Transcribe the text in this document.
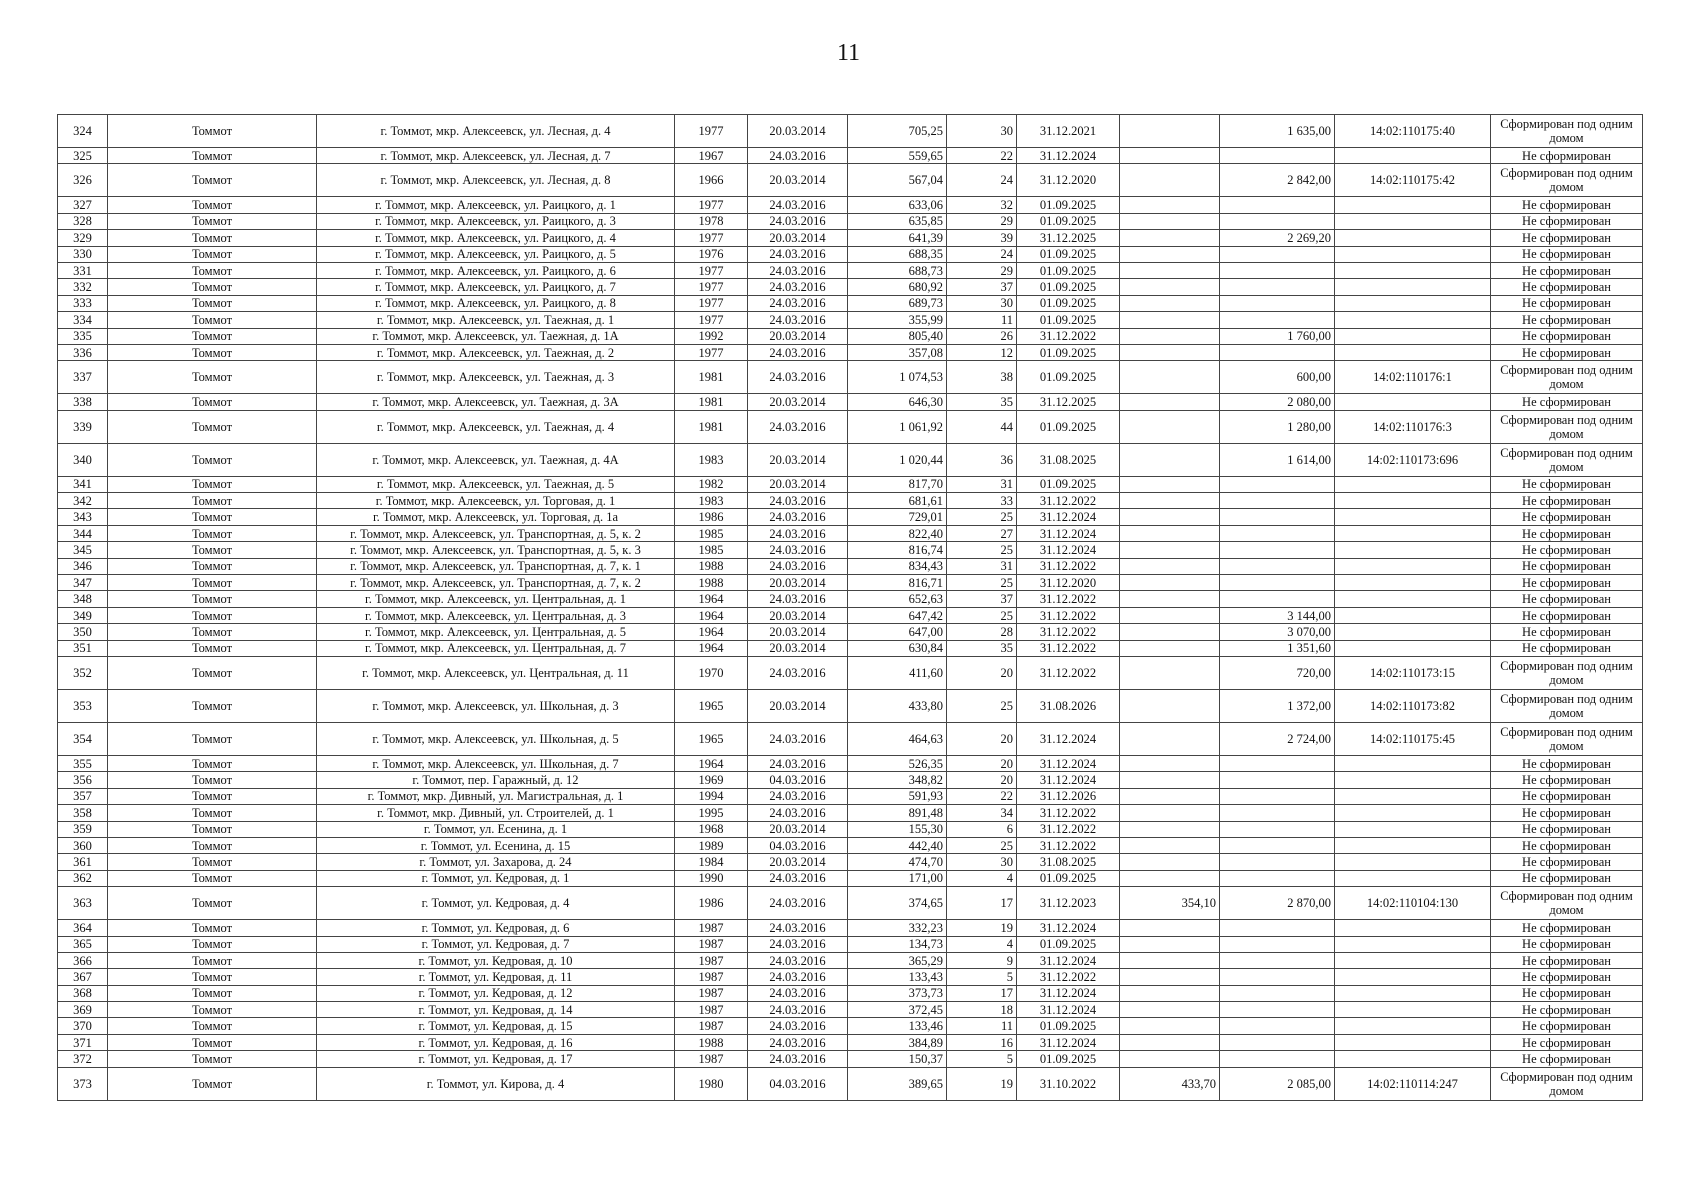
11
324	Томмот	г. Томмот, мкр. Алексеевск, ул. Лесная, д. 4	1977	20.03.2014	705,25	30	31.12.2021		1 635,00	14:02:110175:40	Сформирован под одним домом
325	Томмот	г. Томмот, мкр. Алексеевск, ул. Лесная, д. 7	1967	24.03.2016	559,65	22	31.12.2024				Не сформирован
326	Томмот	г. Томмот, мкр. Алексеевск, ул. Лесная, д. 8	1966	20.03.2014	567,04	24	31.12.2020		2 842,00	14:02:110175:42	Сформирован под одним домом
327	Томмот	г. Томмот, мкр. Алексеевск, ул. Раицкого, д. 1	1977	24.03.2016	633,06	32	01.09.2025				Не сформирован
328	Томмот	г. Томмот, мкр. Алексеевск, ул. Раицкого, д. 3	1978	24.03.2016	635,85	29	01.09.2025				Не сформирован
329	Томмот	г. Томмот, мкр. Алексеевск, ул. Раицкого, д. 4	1977	20.03.2014	641,39	39	31.12.2025		2 269,20		Не сформирован
330	Томмот	г. Томмот, мкр. Алексеевск, ул. Раицкого, д. 5	1976	24.03.2016	688,35	24	01.09.2025				Не сформирован
331	Томмот	г. Томмот, мкр. Алексеевск, ул. Раицкого, д. 6	1977	24.03.2016	688,73	29	01.09.2025				Не сформирован
332	Томмот	г. Томмот, мкр. Алексеевск, ул. Раицкого, д. 7	1977	24.03.2016	680,92	37	01.09.2025				Не сформирован
333	Томмот	г. Томмот, мкр. Алексеевск, ул. Раицкого, д. 8	1977	24.03.2016	689,73	30	01.09.2025				Не сформирован
334	Томмот	г. Томмот, мкр. Алексеевск, ул. Таежная, д. 1	1977	24.03.2016	355,99	11	01.09.2025				Не сформирован
335	Томмот	г. Томмот, мкр. Алексеевск, ул. Таежная, д. 1А	1992	20.03.2014	805,40	26	31.12.2022		1 760,00		Не сформирован
336	Томмот	г. Томмот, мкр. Алексеевск, ул. Таежная, д. 2	1977	24.03.2016	357,08	12	01.09.2025				Не сформирован
337	Томмот	г. Томмот, мкр. Алексеевск, ул. Таежная, д. 3	1981	24.03.2016	1 074,53	38	01.09.2025		600,00	14:02:110176:1	Сформирован под одним домом
338	Томмот	г. Томмот, мкр. Алексеевск, ул. Таежная, д. 3А	1981	20.03.2014	646,30	35	31.12.2025		2 080,00		Не сформирован
339	Томмот	г. Томмот, мкр. Алексеевск, ул. Таежная, д. 4	1981	24.03.2016	1 061,92	44	01.09.2025		1 280,00	14:02:110176:3	Сформирован под одним домом
340	Томмот	г. Томмот, мкр. Алексеевск, ул. Таежная, д. 4А	1983	20.03.2014	1 020,44	36	31.08.2025		1 614,00	14:02:110173:696	Сформирован под одним домом
341	Томмот	г. Томмот, мкр. Алексеевск, ул. Таежная, д. 5	1982	20.03.2014	817,70	31	01.09.2025				Не сформирован
342	Томмот	г. Томмот, мкр. Алексеевск, ул. Торговая, д. 1	1983	24.03.2016	681,61	33	31.12.2022				Не сформирован
343	Томмот	г. Томмот, мкр. Алексеевск, ул. Торговая, д. 1а	1986	24.03.2016	729,01	25	31.12.2024				Не сформирован
344	Томмот	г. Томмот, мкр. Алексеевск, ул. Транспортная, д. 5, к. 2	1985	24.03.2016	822,40	27	31.12.2024				Не сформирован
345	Томмот	г. Томмот, мкр. Алексеевск, ул. Транспортная, д. 5, к. 3	1985	24.03.2016	816,74	25	31.12.2024				Не сформирован
346	Томмот	г. Томмот, мкр. Алексеевск, ул. Транспортная, д. 7, к. 1	1988	24.03.2016	834,43	31	31.12.2022				Не сформирован
347	Томмот	г. Томмот, мкр. Алексеевск, ул. Транспортная, д. 7, к. 2	1988	20.03.2014	816,71	25	31.12.2020				Не сформирован
348	Томмот	г. Томмот, мкр. Алексеевск, ул. Центральная, д. 1	1964	24.03.2016	652,63	37	31.12.2022				Не сформирован
349	Томмот	г. Томмот, мкр. Алексеевск, ул. Центральная, д. 3	1964	20.03.2014	647,42	25	31.12.2022		3 144,00		Не сформирован
350	Томмот	г. Томмот, мкр. Алексеевск, ул. Центральная, д. 5	1964	20.03.2014	647,00	28	31.12.2022		3 070,00		Не сформирован
351	Томмот	г. Томмот, мкр. Алексеевск, ул. Центральная, д. 7	1964	20.03.2014	630,84	35	31.12.2022		1 351,60		Не сформирован
352	Томмот	г. Томмот, мкр. Алексеевск, ул. Центральная, д. 11	1970	24.03.2016	411,60	20	31.12.2022		720,00	14:02:110173:15	Сформирован под одним домом
353	Томмот	г. Томмот, мкр. Алексеевск, ул. Школьная, д. 3	1965	20.03.2014	433,80	25	31.08.2026		1 372,00	14:02:110173:82	Сформирован под одним домом
354	Томмот	г. Томмот, мкр. Алексеевск, ул. Школьная, д. 5	1965	24.03.2016	464,63	20	31.12.2024		2 724,00	14:02:110175:45	Сформирован под одним домом
355	Томмот	г. Томмот, мкр. Алексеевск, ул. Школьная, д. 7	1964	24.03.2016	526,35	20	31.12.2024				Не сформирован
356	Томмот	г. Томмот, пер. Гаражный, д. 12	1969	04.03.2016	348,82	20	31.12.2024				Не сформирован
357	Томмот	г. Томмот, мкр. Дивный, ул. Магистральная, д. 1	1994	24.03.2016	591,93	22	31.12.2026				Не сформирован
358	Томмот	г. Томмот, мкр. Дивный, ул. Строителей, д. 1	1995	24.03.2016	891,48	34	31.12.2022				Не сформирован
359	Томмот	г. Томмот, ул. Есенина, д. 1	1968	20.03.2014	155,30	6	31.12.2022				Не сформирован
360	Томмот	г. Томмот, ул. Есенина, д. 15	1989	04.03.2016	442,40	25	31.12.2022				Не сформирован
361	Томмот	г. Томмот, ул. Захарова, д. 24	1984	20.03.2014	474,70	30	31.08.2025				Не сформирован
362	Томмот	г. Томмот, ул. Кедровая, д. 1	1990	24.03.2016	171,00	4	01.09.2025				Не сформирован
363	Томмот	г. Томмот, ул. Кедровая, д. 4	1986	24.03.2016	374,65	17	31.12.2023	354,10	2 870,00	14:02:110104:130	Сформирован под одним домом
364	Томмот	г. Томмот, ул. Кедровая, д. 6	1987	24.03.2016	332,23	19	31.12.2024				Не сформирован
365	Томмот	г. Томмот, ул. Кедровая, д. 7	1987	24.03.2016	134,73	4	01.09.2025				Не сформирован
366	Томмот	г. Томмот, ул. Кедровая, д. 10	1987	24.03.2016	365,29	9	31.12.2024				Не сформирован
367	Томмот	г. Томмот, ул. Кедровая, д. 11	1987	24.03.2016	133,43	5	31.12.2022				Не сформирован
368	Томмот	г. Томмот, ул. Кедровая, д. 12	1987	24.03.2016	373,73	17	31.12.2024				Не сформирован
369	Томмот	г. Томмот, ул. Кедровая, д. 14	1987	24.03.2016	372,45	18	31.12.2024				Не сформирован
370	Томмот	г. Томмот, ул. Кедровая, д. 15	1987	24.03.2016	133,46	11	01.09.2025				Не сформирован
371	Томмот	г. Томмот, ул. Кедровая, д. 16	1988	24.03.2016	384,89	16	31.12.2024				Не сформирован
372	Томмот	г. Томмот, ул. Кедровая, д. 17	1987	24.03.2016	150,37	5	01.09.2025				Не сформирован
373	Томмот	г. Томмот, ул. Кирова, д. 4	1980	04.03.2016	389,65	19	31.10.2022	433,70	2 085,00	14:02:110114:247	Сформирован под одним домом
